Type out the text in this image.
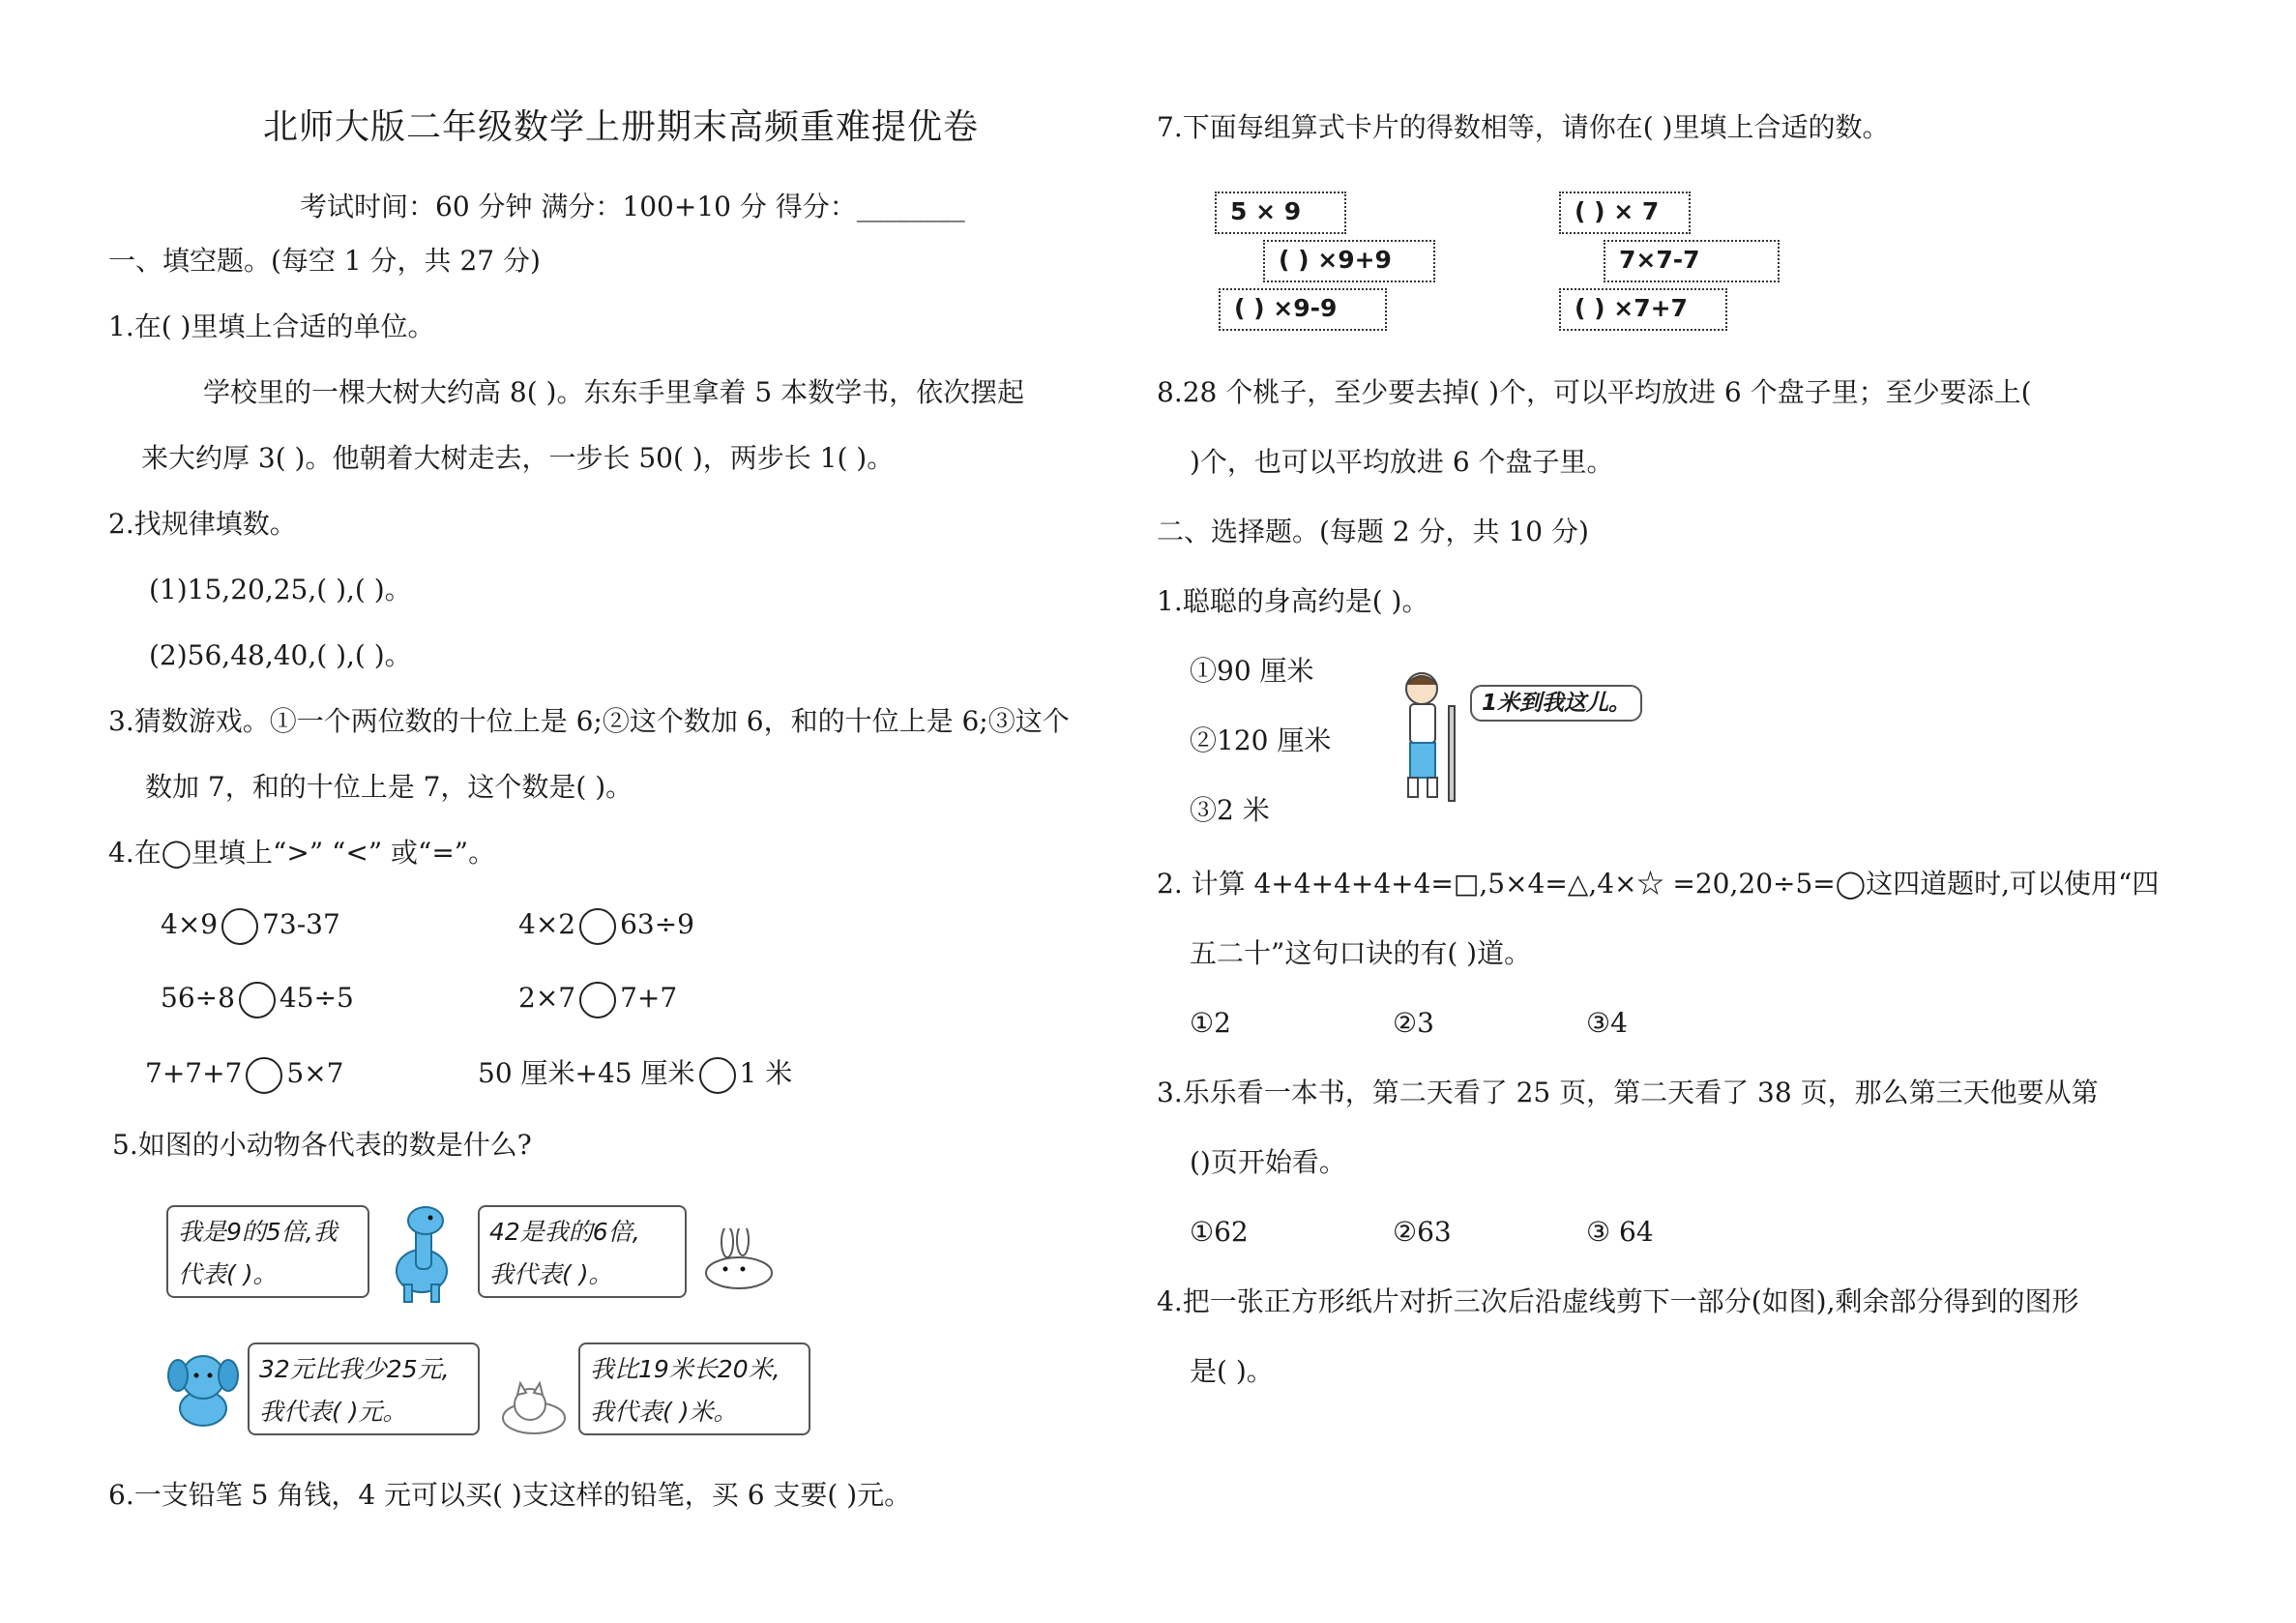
北师大版二年级数学上册期末高频重难提优卷
考试时间：60 分钟 满分：100+10 分 得分：________
一、填空题。(每空 1 分，共 27 分)
1.在( )里填上合适的单位。
学校里的一棵大树大约高 8( )。东东手里拿着 5 本数学书，依次摆起
来大约厚 3( )。他朝着大树走去，一步长 50( )，两步长 1( )。
2.找规律填数。
(1)15,20,25,( ),( )。
(2)56,48,40,( ),( )。
3.猜数游戏。①一个两位数的十位上是 6;②这个数加 6，和的十位上是 6;③这个
数加 7，和的十位上是 7，这个数是( )。
4.在◯里填上“>” “<” 或“=”。
4×9 73-37	4×2 63÷9
56÷8 45÷5	2×7 7+7
7+7+7 5×7	50 厘米+45 厘米 1 米
5.如图的小动物各代表的数是什么?
我是9的5倍,我
代表( )。
42是我的6倍,
我代表( )。
32元比我少25元,
我代表( )元。
我比19米长20米,
我代表( )米。
6.一支铅笔 5 角钱，4 元可以买( )支这样的铅笔，买 6 支要( )元。
7.下面每组算式卡片的得数相等，请你在( )里填上合适的数。
5 × 9
( ) ×9+9
( ) ×9-9
( ) × 7
7×7-7
( ) ×7+7
8.28 个桃子，至少要去掉( )个，可以平均放进 6 个盘子里；至少要添上(
)个，也可以平均放进 6 个盘子里。
二、选择题。(每题 2 分，共 10 分)
1.聪聪的身高约是( )。
①90 厘米
②120 厘米
③2 米
1米到我这儿。
2. 计算 4+4+4+4+4=□,5×4=△,4×☆ =20,20÷5=◯这四道题时,可以使用“四
五二十”这句口诀的有( )道。
①2	②3	③4
3.乐乐看一本书，第二天看了 25 页，第二天看了 38 页，那么第三天他要从第
()页开始看。
①62	②63	③ 64
4.把一张正方形纸片对折三次后沿虚线剪下一部分(如图),剩余部分得到的图形
是( )。
